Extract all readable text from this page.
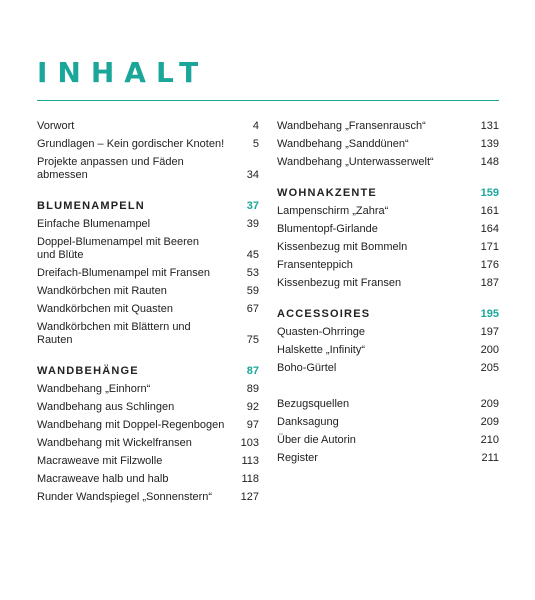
INHALT
Vorwort	4
Grundlagen – Kein gordischer Knoten!	5
Projekte anpassen und Fäden abmessen	34
BLUMENAMPELN	37
Einfache Blumenampel	39
Doppel-Blumenampel mit Beeren
und Blüte	45
Dreifach-Blumenampel mit Fransen	53
Wandkörbchen mit Rauten	59
Wandkörbchen mit Quasten	67
Wandkörbchen mit Blättern und Rauten	75
WANDBEHÄNGE	87
Wandbehang „Einhorn“	89
Wandbehang aus Schlingen	92
Wandbehang mit Doppel-Regenbogen	97
Wandbehang mit Wickelfransen	103
Macraweave mit Filzwolle	113
Macraweave halb und halb	118
Runder Wandspiegel „Sonnenstern“	127
Wandbehang „Fransenrausch“	131
Wandbehang „Sanddünen“	139
Wandbehang „Unterwasserwelt“	148
WOHNAKZENTE	159
Lampenschirm „Zahra“	161
Blumentopf-Girlande	164
Kissenbezug mit Bommeln	171
Fransenteppich	176
Kissenbezug mit Fransen	187
ACCESSOIRES	195
Quasten-Ohrringe	197
Halskette „Infinity“	200
Boho-Gürtel	205
Bezugsquellen	209
Danksagung	209
Über die Autorin	210
Register	211
